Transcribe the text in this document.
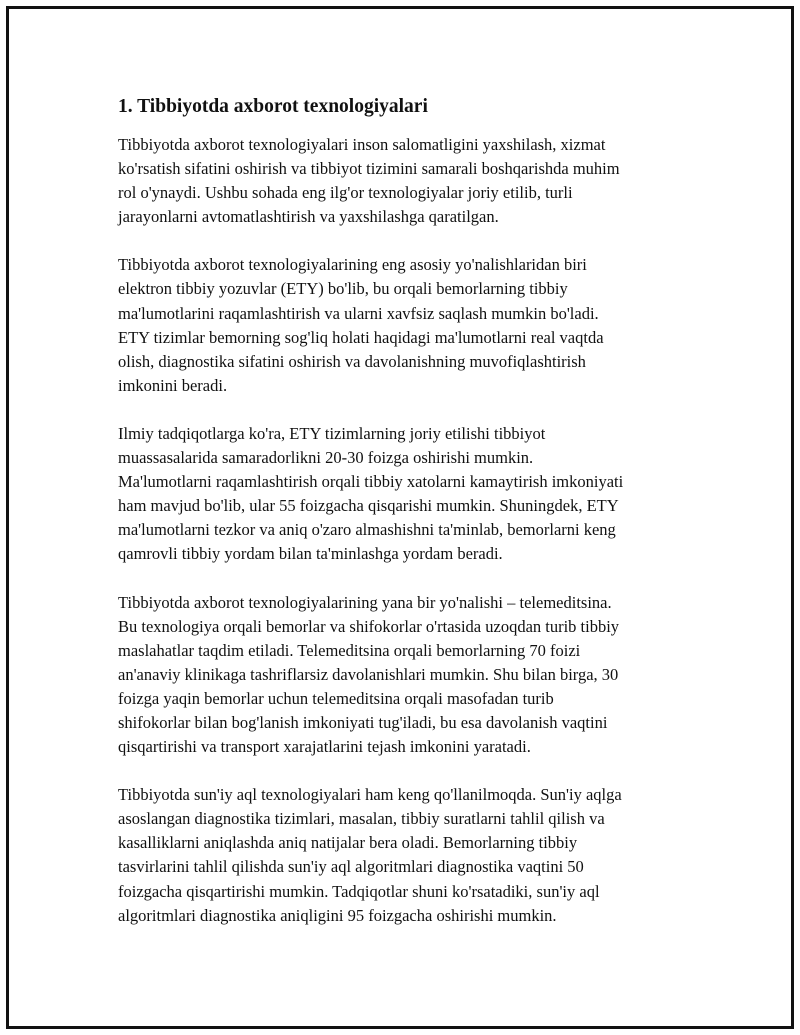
1. Tibbiyotda axborot texnologiyalari

Tibbiyotda axborot texnologiyalari inson salomatligini yaxshilash, xizmat
ko'rsatish sifatini oshirish va tibbiyot tizimini samarali boshqarishda muhim
rol o'ynaydi. Ushbu sohada eng ilg'or texnologiyalar joriy etilib, turli
jarayonlarni avtomatlashtirish va yaxshilashga qaratilgan.

Tibbiyotda axborot texnologiyalarining eng asosiy yo'nalishlaridan biri
elektron tibbiy yozuvlar (ETY) bo'lib, bu orqali bemorlarning tibbiy
ma'lumotlarini raqamlashtirish va ularni xavfsiz saqlash mumkin bo'ladi.
ETY tizimlar bemorning sog'liq holati haqidagi ma'lumotlarni real vaqtda
olish, diagnostika sifatini oshirish va davolanishning muvofiqlashtirish
imkonini beradi.

Ilmiy tadqiqotlarga ko'ra, ETY tizimlarning joriy etilishi tibbiyot
muassasalarida samaradorlikni 20-30 foizga oshirishi mumkin.
Ma'lumotlarni raqamlashtirish orqali tibbiy xatolarni kamaytirish imkoniyati
ham mavjud bo'lib, ular 55 foizgacha qisqarishi mumkin. Shuningdek, ETY
ma'lumotlarni tezkor va aniq o'zaro almashishni ta'minlab, bemorlarni keng
qamrovli tibbiy yordam bilan ta'minlashga yordam beradi.

Tibbiyotda axborot texnologiyalarining yana bir yo'nalishi – telemeditsina.
Bu texnologiya orqali bemorlar va shifokorlar o'rtasida uzoqdan turib tibbiy
maslahatlar taqdim etiladi. Telemeditsina orqali bemorlarning 70 foizi
an'anaviy klinikaga tashriflarsiz davolanishlari mumkin. Shu bilan birga, 30
foizga yaqin bemorlar uchun telemeditsina orqali masofadan turib
shifokorlar bilan bog'lanish imkoniyati tug'iladi, bu esa davolanish vaqtini
qisqartirishi va transport xarajatlarini tejash imkonini yaratadi.

Tibbiyotda sun'iy aql texnologiyalari ham keng qo'llanilmoqda. Sun'iy aqlga
asoslangan diagnostika tizimlari, masalan, tibbiy suratlarni tahlil qilish va
kasalliklarni aniqlashda aniq natijalar bera oladi. Bemorlarning tibbiy
tasvirlarini tahlil qilishda sun'iy aql algoritmlari diagnostika vaqtini 50
foizgacha qisqartirishi mumkin. Tadqiqotlar shuni ko'rsatadiki, sun'iy aql
algoritmlari diagnostika aniqligini 95 foizgacha oshirishi mumkin.
